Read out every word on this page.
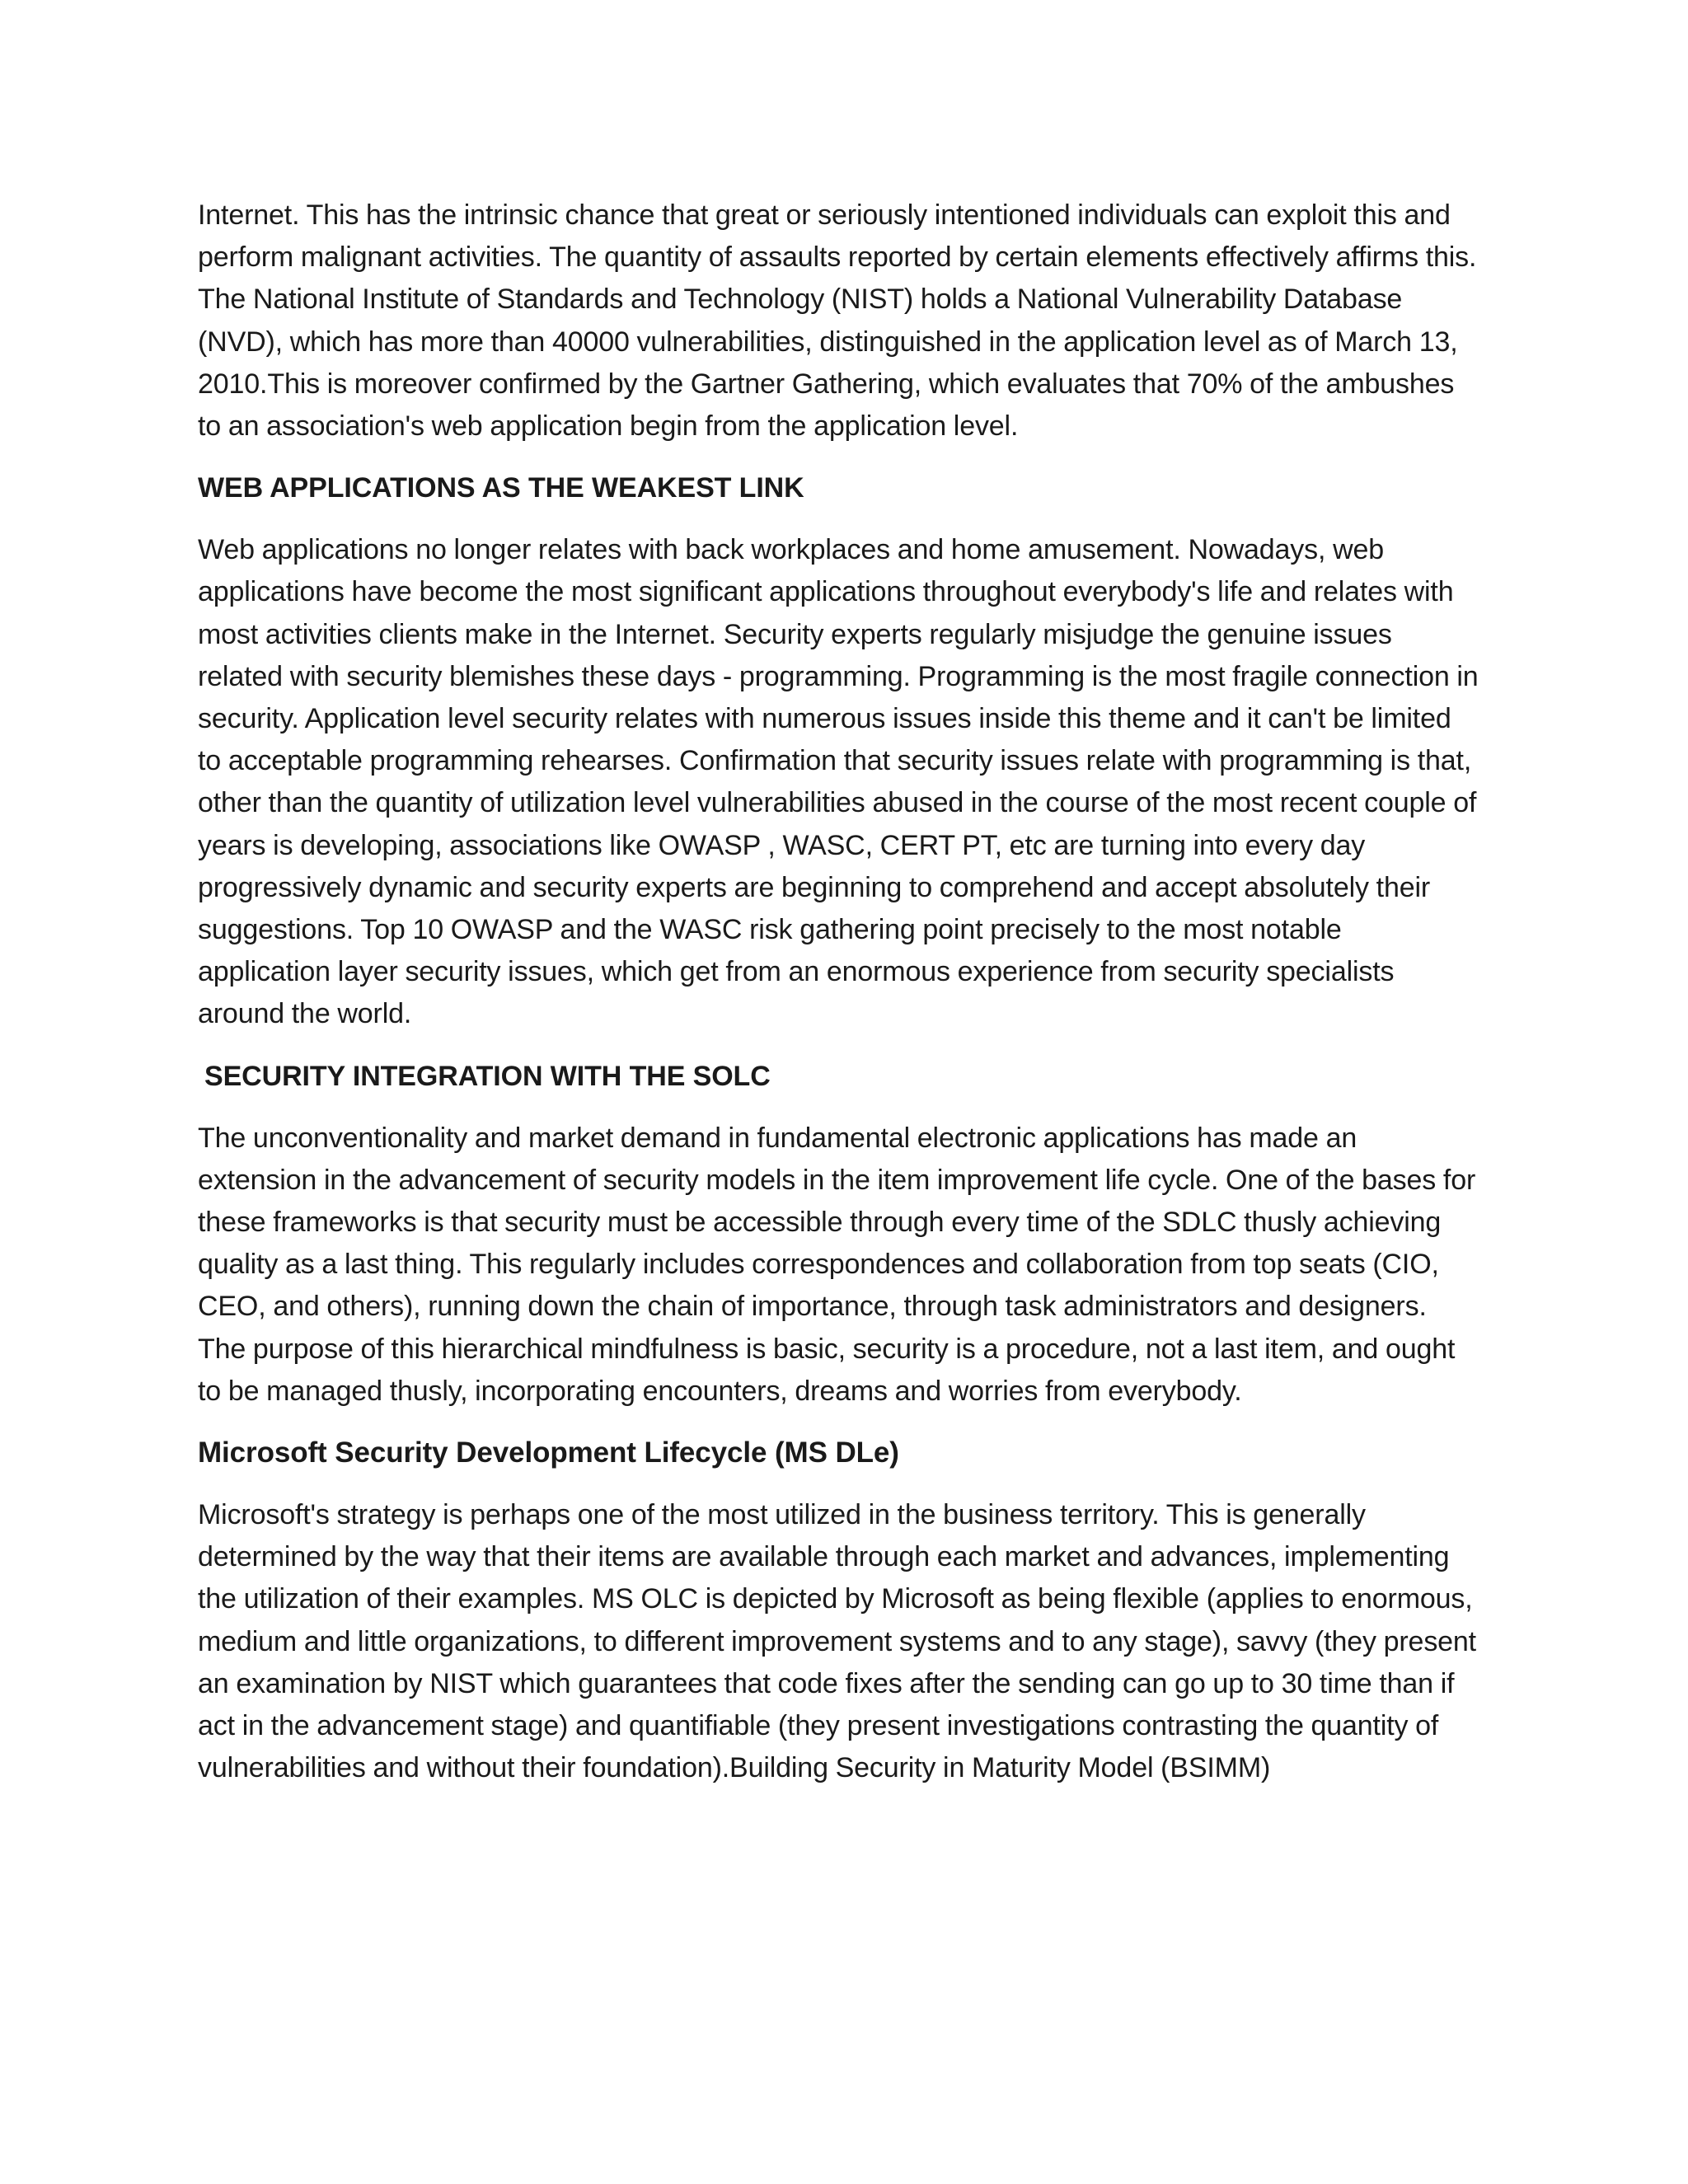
Internet. This has the intrinsic chance that great or seriously intentioned individuals can exploit this and perform malignant activities. The quantity of assaults reported by certain elements effectively affirms this. The National Institute of Standards and Technology (NIST) holds a National Vulnerability Database (NVD), which has more than 40000 vulnerabilities, distinguished in the application level as of March 13, 2010.This is moreover confirmed by the Gartner Gathering, which evaluates that 70% of the ambushes to an association's web application begin from the application level.

WEB APPLICATIONS AS THE WEAKEST LINK

Web applications no longer relates with back workplaces and home amusement. Nowadays, web applications have become the most significant applications throughout everybody's life and relates with most activities clients make in the Internet. Security experts regularly misjudge the genuine issues related with security blemishes these days - programming. Programming is the most fragile connection in security. Application level security relates with numerous issues inside this theme and it can't be limited to acceptable programming rehearses. Confirmation that security issues relate with programming is that, other than the quantity of utilization level vulnerabilities abused in the course of the most recent couple of years is developing, associations like OWASP , WASC, CERT PT, etc are turning into every day progressively dynamic and security experts are beginning to comprehend and accept absolutely their suggestions. Top 10 OWASP and the WASC risk gathering point precisely to the most notable application layer security issues, which get from an enormous experience from security specialists around the world.

SECURITY INTEGRATION WITH THE SOLC

The unconventionality and market demand in fundamental electronic applications has made an extension in the advancement of security models in the item improvement life cycle. One of the bases for these frameworks is that security must be accessible through every time of the SDLC thusly achieving quality as a last thing. This regularly includes correspondences and collaboration from top seats (CIO, CEO, and others), running down the chain of importance, through task administrators and designers. The purpose of this hierarchical mindfulness is basic, security is a procedure, not a last item, and ought to be managed thusly, incorporating encounters, dreams and worries from everybody.

Microsoft Security Development Lifecycle (MS DLe)

Microsoft's strategy is perhaps one of the most utilized in the business territory. This is generally determined by the way that their items are available through each market and advances, implementing the utilization of their examples. MS OLC is depicted by Microsoft as being flexible (applies to enormous, medium and little organizations, to different improvement systems and to any stage), savvy (they present an examination by NIST which guarantees that code fixes after the sending can go up to 30 time than if act in the advancement stage) and quantifiable (they present investigations contrasting the quantity of vulnerabilities and without their foundation).Building Security in Maturity Model (BSIMM)
